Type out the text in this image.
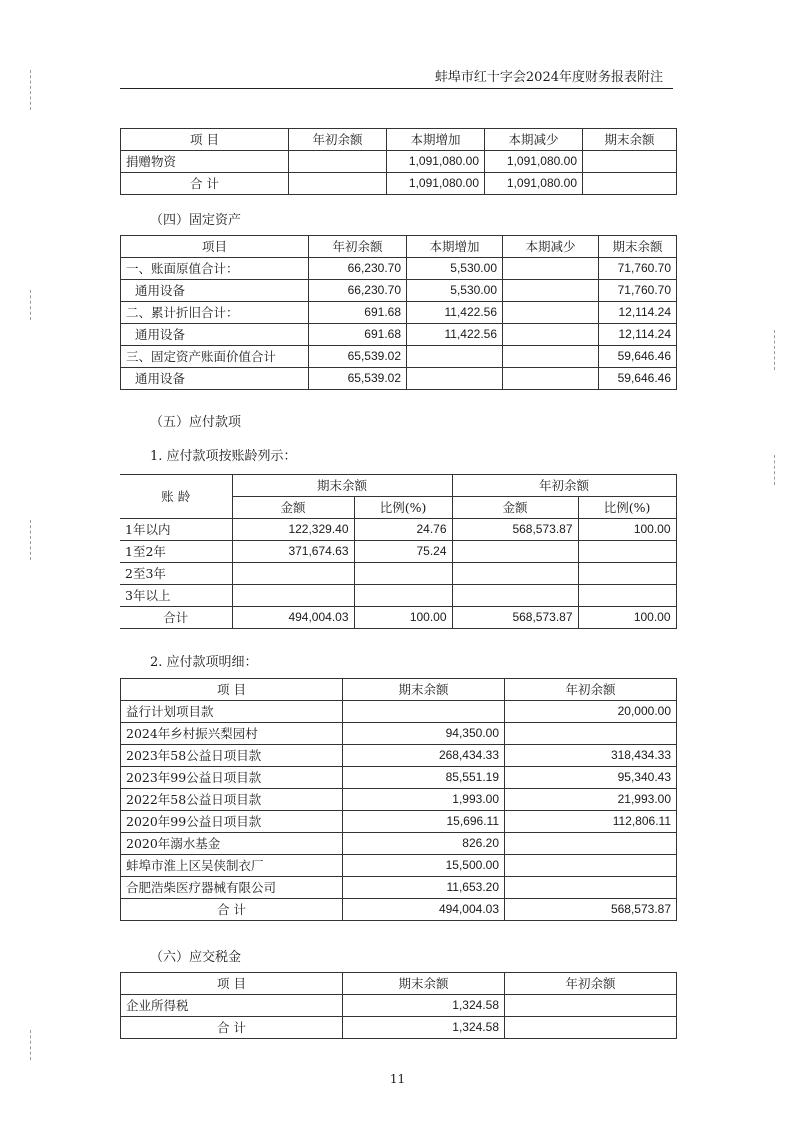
蚌埠市红十字会2024年度财务报表附注
项 目	年初余额	本期增加	本期减少	期末余额
捐赠物资		1,091,080.00	1,091,080.00	
合 计		1,091,080.00	1,091,080.00	
（四）固定资产
项目	年初余额	本期增加	本期减少	期末余额
一、账面原值合计：	66,230.70	5,530.00		71,760.70
通用设备	66,230.70	5,530.00		71,760.70
二、累计折旧合计：	691.68	11,422.56		12,114.24
通用设备	691.68	11,422.56		12,114.24
三、固定资产账面价值合计	65,539.02			59,646.46
通用设备	65,539.02			59,646.46
（五）应付款项
1. 应付款项按账龄列示：
账 龄	期末余额		年初余额	
	金额	比例(%)	金额	比例(%)
1年以内	122,329.40	24.76	568,573.87	100.00
1至2年	371,674.63	75.24		
2至3年				
3年以上				
合计	494,004.03	100.00	568,573.87	100.00
2. 应付款项明细：
项 目	期末余额	年初余额
益行计划项目款		20,000.00
2024年乡村振兴梨园村	94,350.00	
2023年58公益日项目款	268,434.33	318,434.33
2023年99公益日项目款	85,551.19	95,340.43
2022年58公益日项目款	1,993.00	21,993.00
2020年99公益日项目款	15,696.11	112,806.11
2020年溺水基金	826.20	
蚌埠市淮上区吴侠制衣厂	15,500.00	
合肥浩柴医疗器械有限公司	11,653.20	
合 计	494,004.03	568,573.87
（六）应交税金
项 目	期末余额	年初余额
企业所得税	1,324.58	
合 计	1,324.58	
11
